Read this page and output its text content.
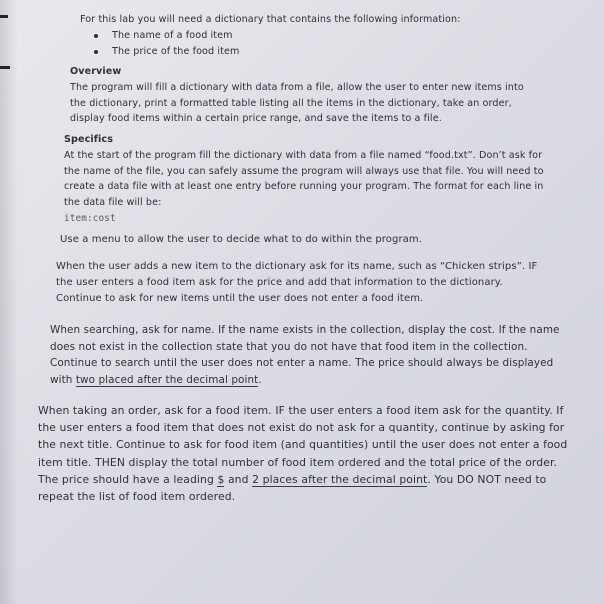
For this lab you will need a dictionary that contains the following information:
The name of a food item
The price of the food item
Overview
The program will fill a dictionary with data from a file, allow the user to enter new items into the dictionary, print a formatted table listing all the items in the dictionary, take an order, display food items within a certain price range, and save the items to a file.
Specifics
At the start of the program fill the dictionary with data from a file named “food.txt”. Don’t ask for the name of the file, you can safely assume the program will always use that file. You will need to create a data file with at least one entry before running your program. The format for each line in the data file will be:
item:cost
Use a menu to allow the user to decide what to do within the program.
When the user adds a new item to the dictionary ask for its name, such as “Chicken strips”. IF the user enters a food item ask for the price and add that information to the dictionary. Continue to ask for new items until the user does not enter a food item.
When searching, ask for name. If the name exists in the collection, display the cost. If the name does not exist in the collection state that you do not have that food item in the collection. Continue to search until the user does not enter a name. The price should always be displayed with two placed after the decimal point.
When taking an order, ask for a food item. IF the user enters a food item ask for the quantity. If the user enters a food item that does not exist do not ask for a quantity, continue by asking for the next title. Continue to ask for food item (and quantities) until the user does not enter a food item title. THEN display the total number of food item ordered and the total price of the order. The price should have a leading $ and 2 places after the decimal point. You DO NOT need to repeat the list of food item ordered.
